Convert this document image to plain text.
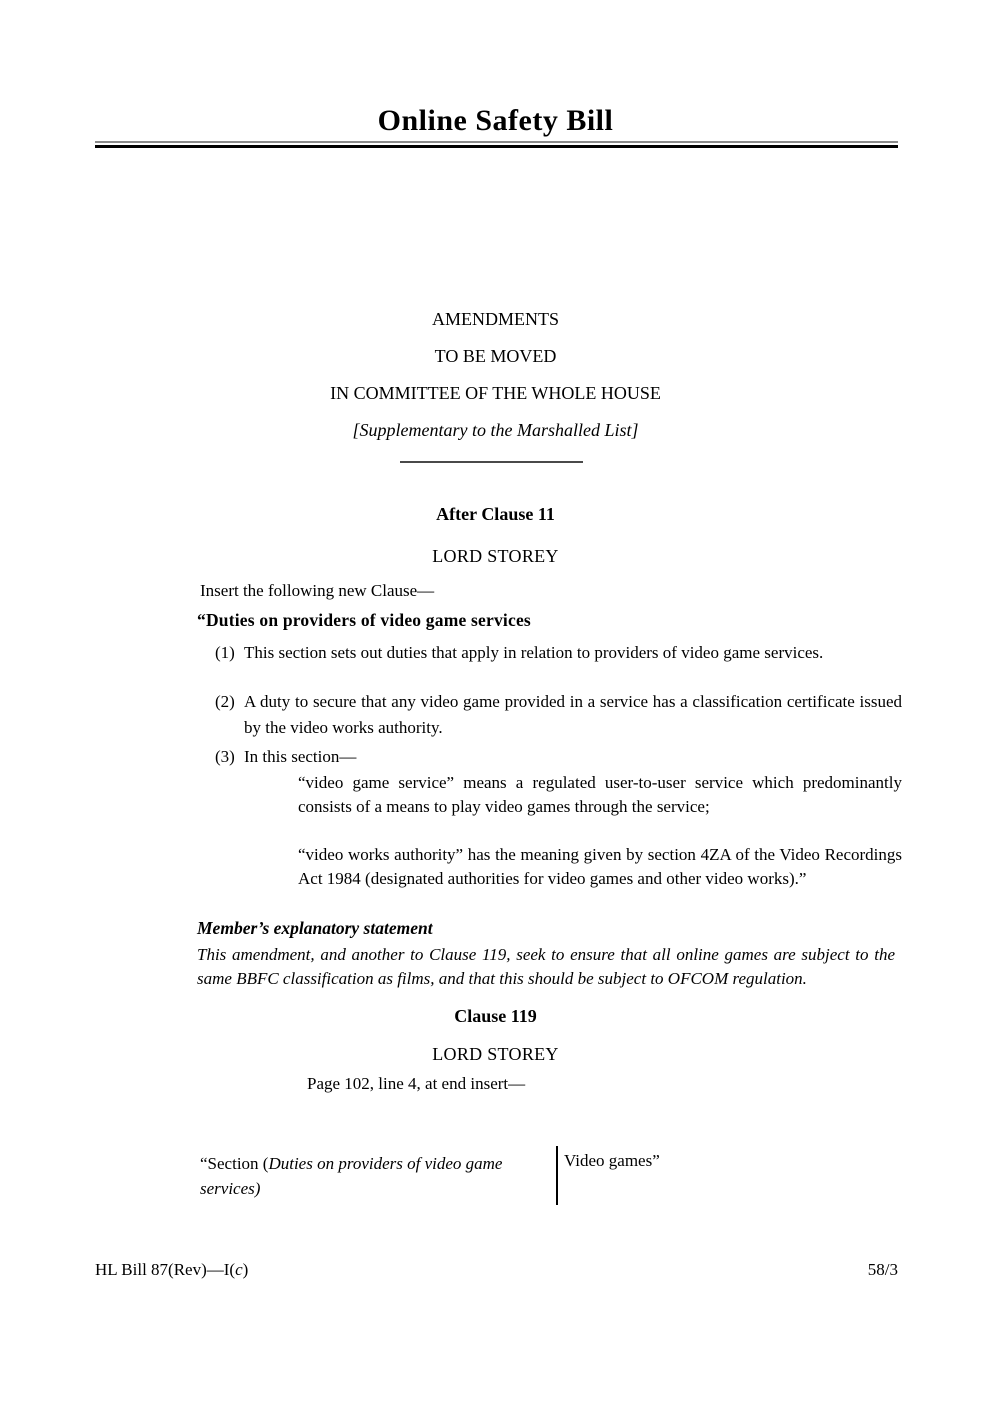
Online Safety Bill
AMENDMENTS
TO BE MOVED
IN COMMITTEE OF THE WHOLE HOUSE
[Supplementary to the Marshalled List]
After Clause 11
LORD STOREY
Insert the following new Clause—
“Duties on providers of video game services
(1) This section sets out duties that apply in relation to providers of video game services.
(2) A duty to secure that any video game provided in a service has a classification certificate issued by the video works authority.
(3) In this section—
“video game service” means a regulated user-to-user service which predominantly consists of a means to play video games through the service;
“video works authority” has the meaning given by section 4ZA of the Video Recordings Act 1984 (designated authorities for video games and other video works).”
Member’s explanatory statement
This amendment, and another to Clause 119, seek to ensure that all online games are subject to the same BBFC classification as films, and that this should be subject to OFCOM regulation.
Clause 119
LORD STOREY
Page 102, line 4, at end insert—
“Section (Duties on providers of video game services)
Video games”
HL Bill 87(Rev)—I(c)	58/3
